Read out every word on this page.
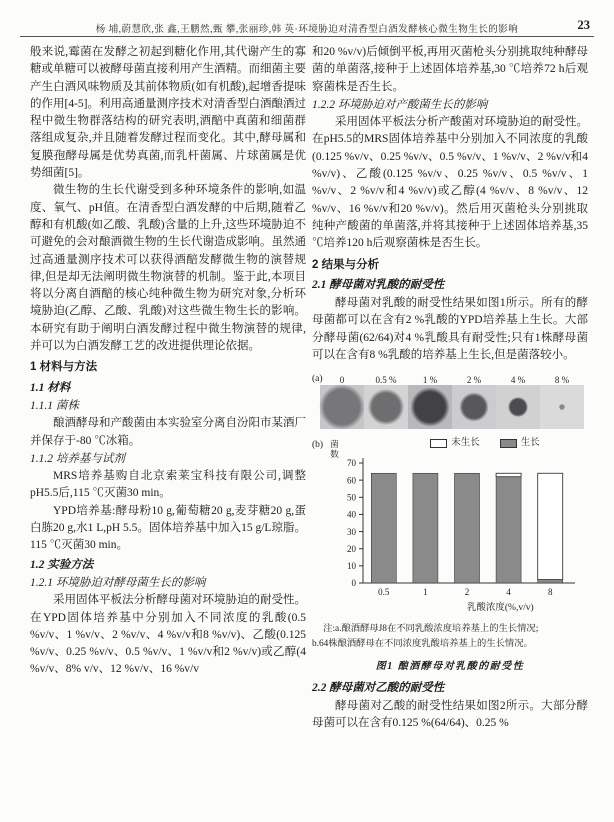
杨 埔,蔚慧欣,张 鑫,王鹏然,甄 攀,张丽珍,韩 英·环境胁迫对清香型白酒发酵核心微生物生长的影响	23

般来说,霉菌在发酵之初起到糖化作用,其代谢产生的寡糖或单糖可以被酵母菌直接利用产生酒精。而细菌主要产生白酒风味物质及其前体物质(如有机酸),起增香提味的作用[4-5]。利用高通量测序技术对清香型白酒酿酒过程中微生物群落结构的研究表明,酒醅中真菌和细菌群落组成复杂,并且随着发酵过程而变化。其中,酵母属和复膜孢酵母属是优势真菌,而乳杆菌属、片球菌属是优势细菌[5]。

微生物的生长代谢受到多种环境条件的影响,如温度、氧气、pH值。在清香型白酒发酵的中后期,随着乙醇和有机酸(如乙酸、乳酸)含量的上升,这些环境胁迫不可避免的会对酿酒微生物的生长代谢造成影响。虽然通过高通量测序技术可以获得酒醅发酵微生物的演替规律,但是却无法阐明微生物演替的机制。鉴于此,本项目将以分离自酒醅的核心纯种微生物为研究对象,分析环境胁迫(乙醇、乙酸、乳酸)对这些微生物生长的影响。本研究有助于阐明白酒发酵过程中微生物演替的规律,并可以为白酒发酵工艺的改进提供理论依据。

1 材料与方法

1.1 材料

1.1.1 菌株

酿酒酵母和产酸菌由本实验室分离自汾阳市某酒厂并保存于-80 ℃冰箱。

1.1.2 培养基与试剂

MRS培养基购自北京索莱宝科技有限公司,调整pH5.5后,115 ℃灭菌30 min。

YPD培养基:酵母粉10 g,葡萄糖20 g,麦芽糖20 g,蛋白胨20 g,水1 L,pH 5.5。固体培养基中加入15 g/L琼脂。115 ℃灭菌30 min。

1.2 实验方法

1.2.1 环境胁迫对酵母菌生长的影响

采用固体平板法分析酵母菌对环境胁迫的耐受性。在YPD固体培养基中分别加入不同浓度的乳酸(0.5 %v/v、1 %v/v、2 %v/v、4 %v/v和8 %v/v)、乙酸(0.125 %v/v、0.25 %v/v、0.5 %v/v、1 %v/v和2 %v/v)或乙醇(4 %v/v、8% v/v、12 %v/v、16 %v/v

和20 %v/v)后倾倒平板,再用灭菌枪头分别挑取纯种酵母菌的单菌落,接种于上述固体培养基,30 ℃培养72 h后观察菌株是否生长。

1.2.2 环境胁迫对产酸菌生长的影响

采用固体平板法分析产酸菌对环境胁迫的耐受性。在pH5.5的MRS固体培养基中分别加入不同浓度的乳酸(0.125 %v/v、0.25 %v/v、0.5 %v/v、1 %v/v、2 %v/v和4 %v/v)、乙酸(0.125 %v/v、0.25 %v/v、0.5 %v/v、1 %v/v、2 %v/v和4 %v/v)或乙醇(4 %v/v、8 %v/v、12 %v/v、16 %v/v和20 %v/v)。然后用灭菌枪头分别挑取纯种产酸菌的单菌落,并将其接种于上述固体培养基,35 ℃培养120 h后观察菌株是否生长。

2 结果与分析

2.1 酵母菌对乳酸的耐受性

酵母菌对乳酸的耐受性结果如图1所示。所有的酵母菌都可以在含有2 %乳酸的YPD培养基上生长。大部分酵母菌(62/64)对4 %乳酸具有耐受性;只有1株酵母菌可以在含有8 %乳酸的培养基上生长,但是菌落较小。

(a)	0	0.5 %	1 %	2 %	4 %	8 %
(b) 菌
数
未生长	生长
0
10
20
30
40
50
60
70
0.5	1	2	4	8
乳酸浓度(%,v/v)

注:a.酿酒酵母J8在不同乳酸浓度培养基上的生长情况;

b.64株酿酒酵母在不同浓度乳酸培养基上的生长情况。

图1 酿酒酵母对乳酸的耐受性

2.2 酵母菌对乙酸的耐受性

酵母菌对乙酸的耐受性结果如图2所示。大部分酵母菌可以在含有0.125 %(64/64)、0.25 %
